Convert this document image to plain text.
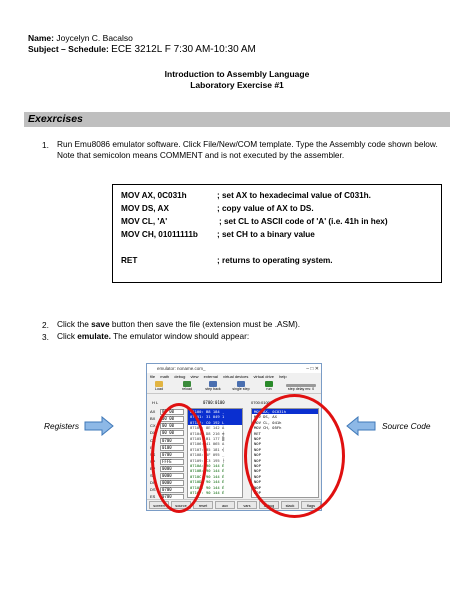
Name: Joycelyn C. Bacalso
Subject – Schedule: ECE 3212L F 7:30 AM-10:30 AM
Introduction to Assembly Language
Laboratory Exercise #1
Exexrcises
1. Run Emu8086 emulator software. Click File/New/COM template. Type the Assembly code shown below.
Note that semicolon means COMMENT and is not executed by the assembler.
MOV AX, 0C031h	; set AX to hexadecimal value of C031h.
MOV DS, AX	; copy value of AX to DS.
MOV CL, 'A'	; set CL to ASCII code of 'A' (i.e. 41h in hex)
MOV CH, 01011111b ; set CH to a binary value
RET	; returns to operating system.
2. Click the save button then save the file (extension must be .ASM).
3. Click emulate. The emulator window should appear:
emulator: noname.com_	– □ ✕
file math debug view external virtual devices virtual drive help
Load	reload	step back	single step	run	step delay ms: 0
H L	0700:0100	0700:0100
AX	00 00
BX	00 00
CX	00 00
DX	00 00
CS	0700
IP	0100
SS	0700
SP	FFFE
BP	0000
SI	0000
DI	0000
DS	0700
ES	0700
07100: B8 184 ¸
07101: 31 049 1
07102: C0 192 L
07103: 8E 142 Ä
07104: D8 216 ╪
07105: B1 177 ▒
07106: 41 065 A
07107: B5 181 ╡
07108: 5F 095 _
07109: C3 195 ├
0710A: 90 144 É
0710B: 90 144 É
0710C: 90 144 É
0710D: 90 144 É
0710E: 90 144 É
0710F: 90 144 É
MOV AX, 0C031h
MOV DS, AX
MOV CL, 041h
MOV CH, 05Fh
RET
NOP
NOP
NOP
NOP
NOP
NOP
NOP
NOP
NOP
NOP
NOP
screen	source	reset	aux	vars	debug	stack	flags
Registers	Source Code
